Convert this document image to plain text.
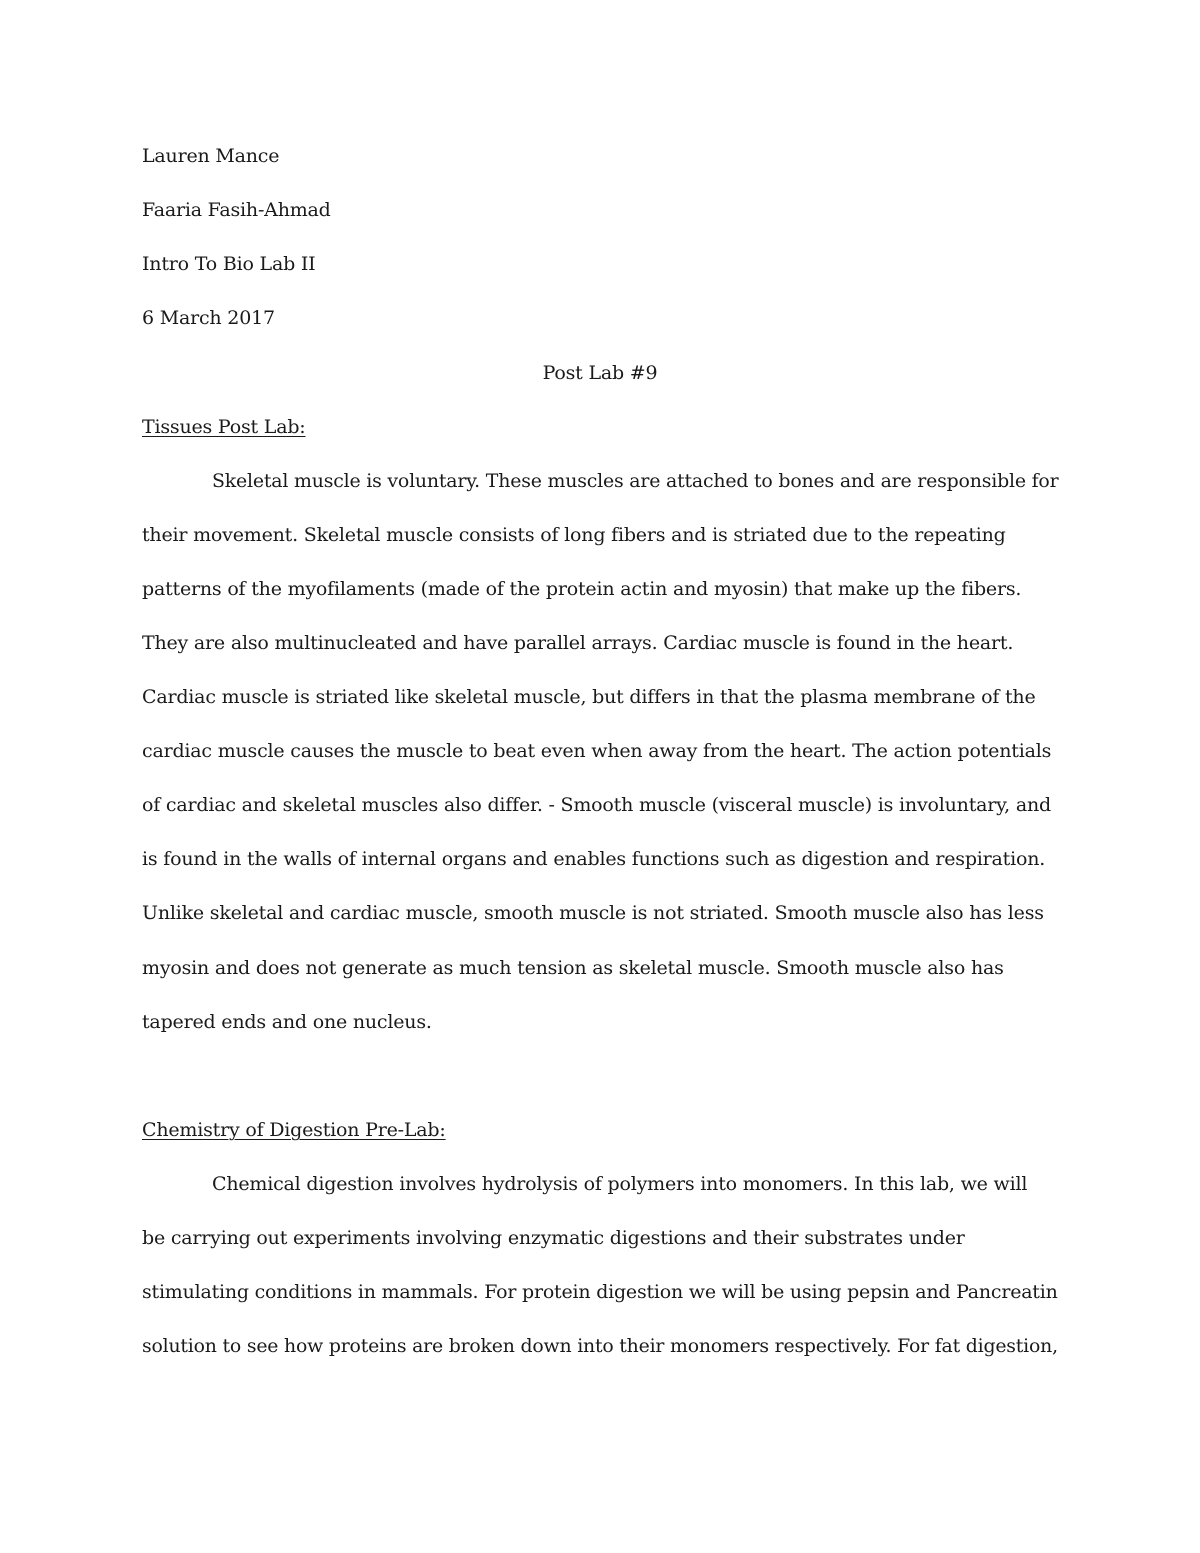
Lauren Mance
Faaria Fasih-Ahmad
Intro To Bio Lab II
6 March 2017
Post Lab #9
Tissues Post Lab:
Skeletal muscle is voluntary. These muscles are attached to bones and are responsible for
their movement. Skeletal muscle consists of long fibers and is striated due to the repeating
patterns of the myofilaments (made of the protein actin and myosin) that make up the fibers.
They are also multinucleated and have parallel arrays. Cardiac muscle is found in the heart.
Cardiac muscle is striated like skeletal muscle, but differs in that the plasma membrane of the
cardiac muscle causes the muscle to beat even when away from the heart. The action potentials
of cardiac and skeletal muscles also differ. - Smooth muscle (visceral muscle) is involuntary, and
is found in the walls of internal organs and enables functions such as digestion and respiration.
Unlike skeletal and cardiac muscle, smooth muscle is not striated. Smooth muscle also has less
myosin and does not generate as much tension as skeletal muscle. Smooth muscle also has
tapered ends and one nucleus.
Chemistry of Digestion Pre-Lab:
Chemical digestion involves hydrolysis of polymers into monomers. In this lab, we will
be carrying out experiments involving enzymatic digestions and their substrates under
stimulating conditions in mammals. For protein digestion we will be using pepsin and Pancreatin
solution to see how proteins are broken down into their monomers respectively. For fat digestion,
